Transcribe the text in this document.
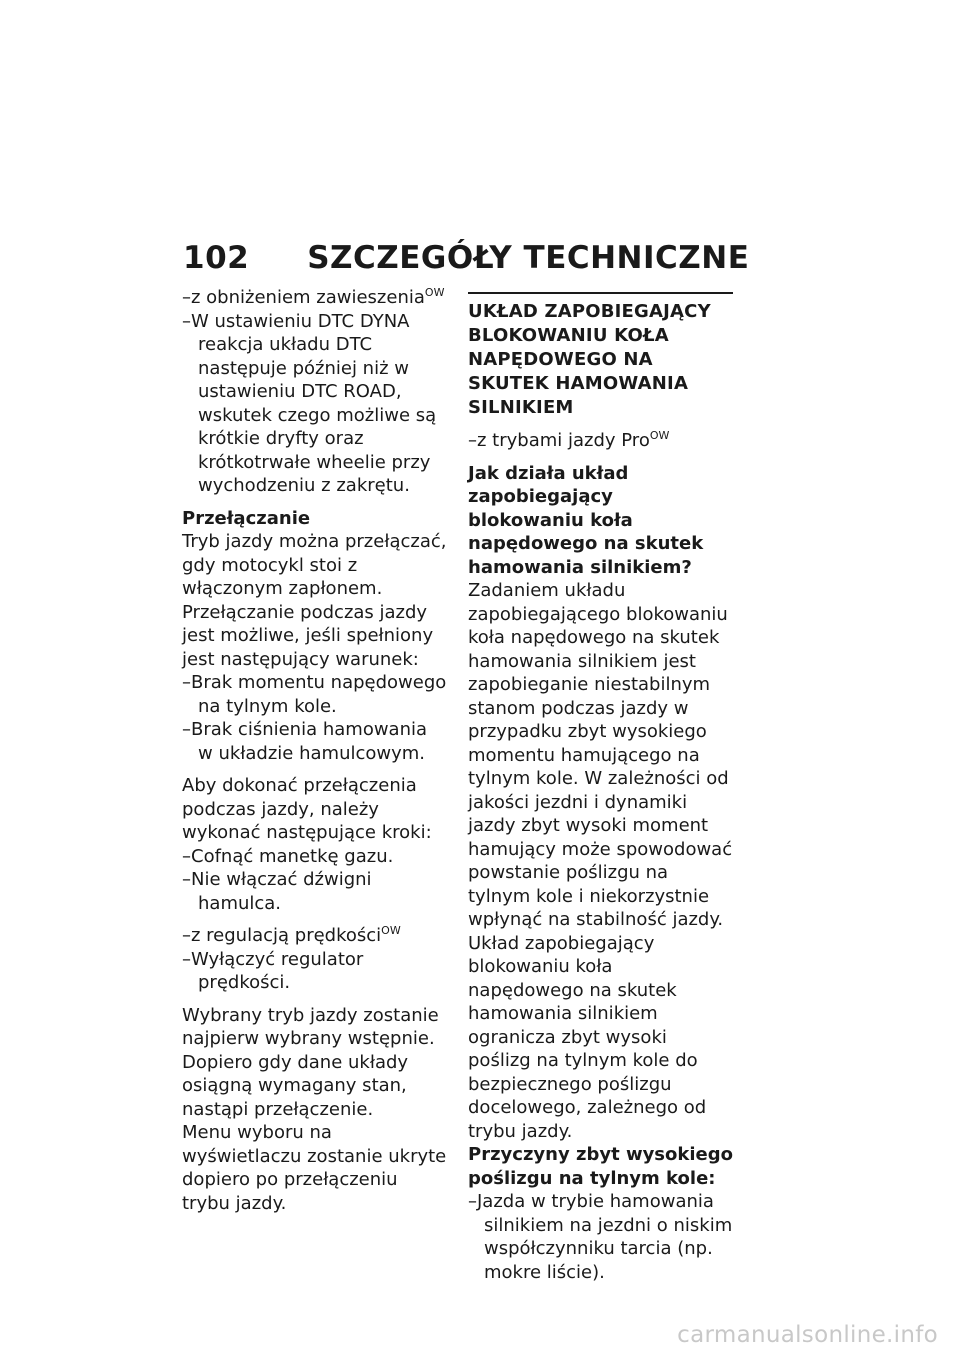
102 SZCZEGÓŁY TECHNICZNE

–z obniżeniem zawieszenia$^{OW}$

–W ustawieniu DTC DYNA reakcja układu DTC następuje później niż w ustawieniu DTC ROAD, wskutek czego możliwe są krótkie dryfty oraz krótkotrwałe wheelie przy wychodzeniu z zakrętu.

Przełączanie

Tryb jazdy można przełączać, gdy motocykl stoi z włączonym zapłonem. Przełączanie podczas jazdy jest możliwe, jeśli spełniony jest następujący warunek:

–Brak momentu napędowego na tylnym kole.

–Brak ciśnienia hamowania w układzie hamulcowym.

Aby dokonać przełączenia podczas jazdy, należy wykonać następujące kroki:

–Cofnąć manetkę gazu.

–Nie włączać dźwigni hamulca.

–z regulacją prędkości$^{OW}$

–Wyłączyć regulator prędkości.

Wybrany tryb jazdy zostanie najpierw wybrany wstępnie. Dopiero gdy dane układy osiągną wymagany stan, nastąpi przełączenie.

Menu wyboru na wyświetlaczu zostanie ukryte dopiero po przełączeniu trybu jazdy.

UKŁAD ZAPOBIEGAJĄCY BLOKOWANIU KOŁA NAPĘDOWEGO NA SKUTEK HAMOWANIA SILNIKIEM

–z trybami jazdy Pro$^{OW}$

Jak działa układ zapobiegający blokowaniu koła napędowego na skutek hamowania silnikiem?

Zadaniem układu zapobiegającego blokowaniu koła napędowego na skutek hamowania silnikiem jest zapobieganie niestabilnym stanom podczas jazdy w przypadku zbyt wysokiego momentu hamującego na tylnym kole. W zależności od jakości jezdni i dynamiki jazdy zbyt wysoki moment hamujący może spowodować powstanie poślizgu na tylnym kole i niekorzystnie wpłynąć na stabilność jazdy. Układ zapobiegający blokowaniu koła napędowego na skutek hamowania silnikiem ogranicza zbyt wysoki poślizg na tylnym kole do bezpiecznego poślizgu docelowego, zależnego od trybu jazdy.

Przyczyny zbyt wysokiego poślizgu na tylnym kole:

–Jazda w trybie hamowania silnikiem na jezdni o niskim współczynniku tarcia (np. mokre liście).

carmanualsonline.info
